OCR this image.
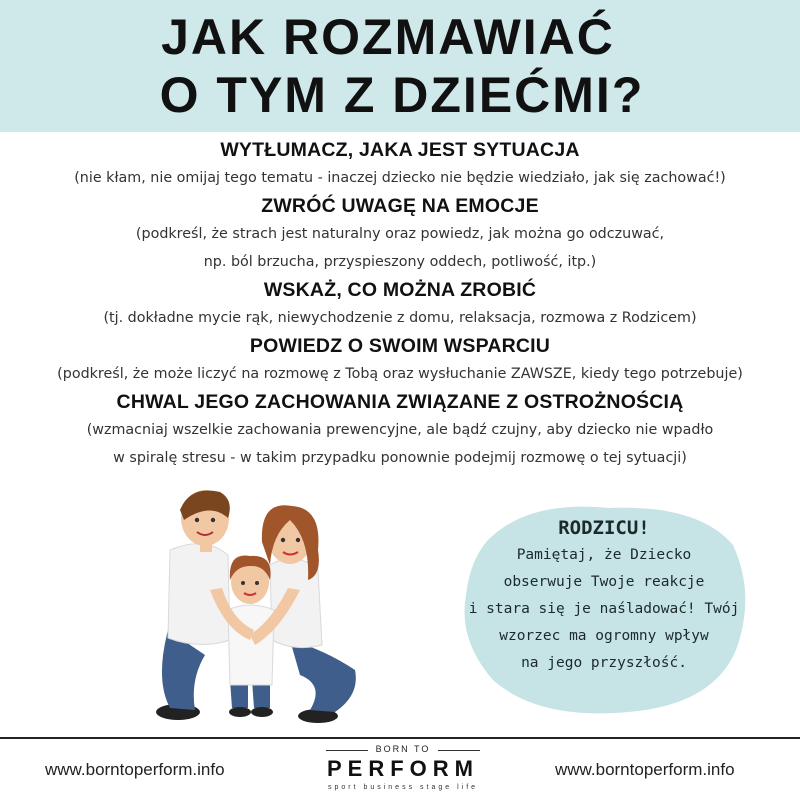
JAK ROZMAWIAĆ
O TYM Z DZIEĆMI?
WYTŁUMACZ, JAKA JEST SYTUACJA
(nie kłam, nie omijaj tego tematu - inaczej dziecko nie będzie wiedziało, jak się zachować!)
ZWRÓĆ UWAGĘ NA EMOCJE
(podkreśl, że strach jest naturalny oraz powiedz, jak można go odczuwać,
np. ból brzucha, przyspieszony oddech, potliwość, itp.)
WSKAŻ, CO MOŻNA ZROBIĆ
(tj. dokładne mycie rąk, niewychodzenie z domu, relaksacja, rozmowa z Rodzicem)
POWIEDZ O SWOIM WSPARCIU
(podkreśl, że może liczyć na rozmowę z Tobą oraz wysłuchanie ZAWSZE, kiedy tego potrzebuje)
CHWAL JEGO ZACHOWANIA ZWIĄZANE Z OSTROŻNOŚCIĄ
(wzmacniaj wszelkie zachowania prewencyjne, ale bądź czujny, aby dziecko nie wpadło
w spiralę stresu - w takim przypadku ponownie podejmij rozmowę o tej sytuacji)
RODZICU!
Pamiętaj, że Dziecko
obserwuje Twoje reakcje
i stara się je naśladować! Twój
wzorzec ma ogromny wpływ
na jego przyszłość.
www.borntoperform.info	www.borntoperform.info
BORN TO
PERFORM
sport business stage life
